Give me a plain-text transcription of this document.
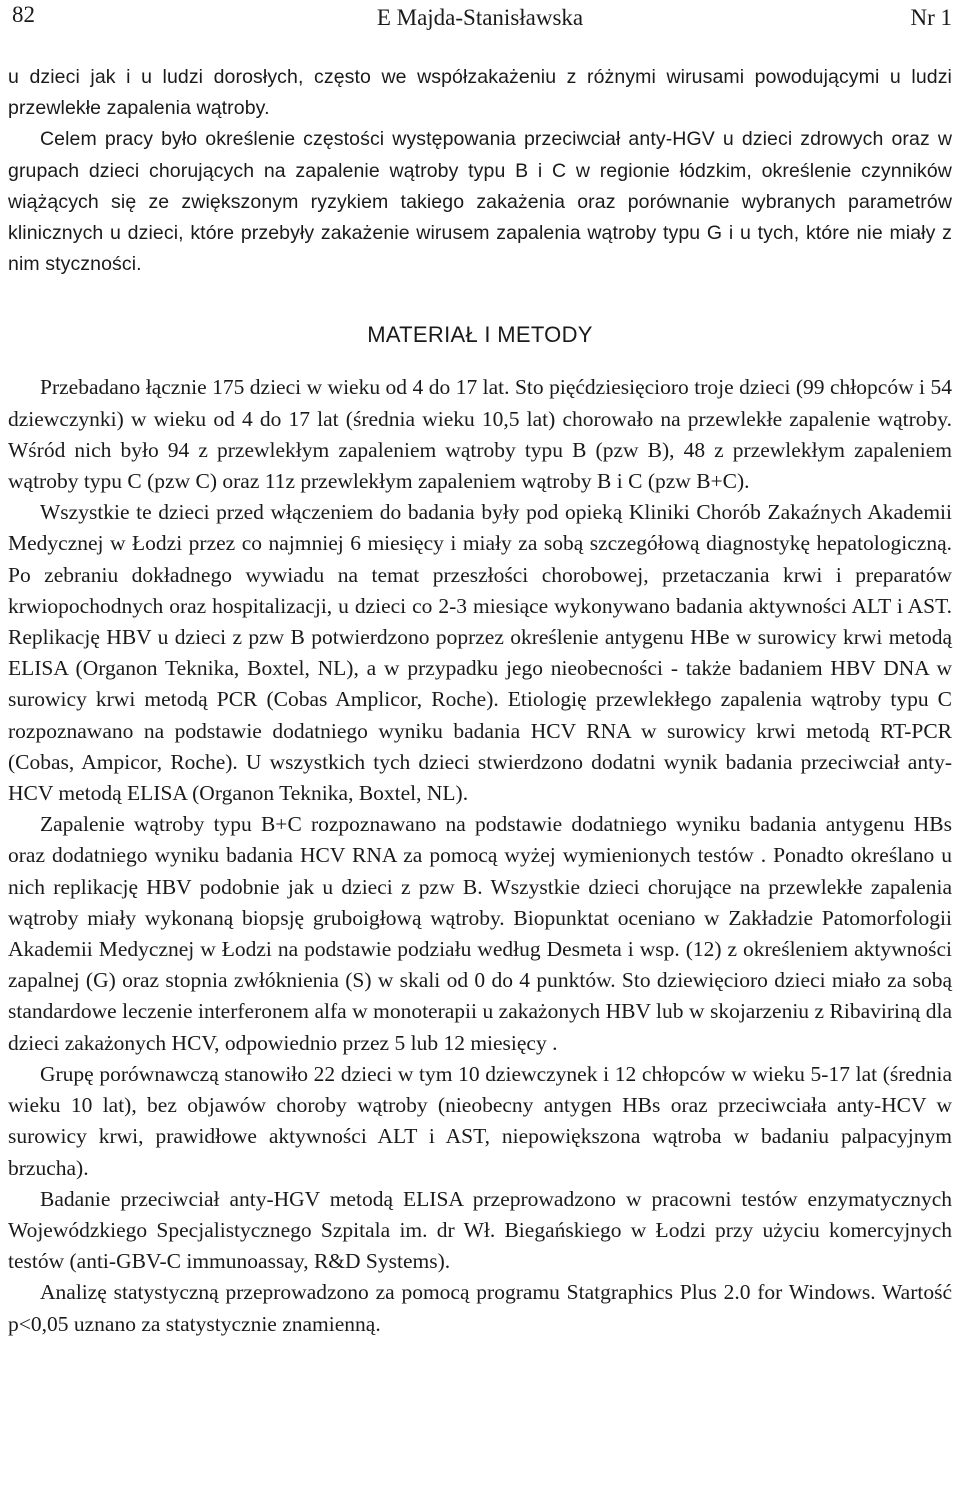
82	E Majda-Stanisławska	Nr 1

u dzieci jak i u ludzi dorosłych, często we współzakażeniu z różnymi wirusami powodującymi u ludzi przewlekłe zapalenia wątroby.

Celem pracy było określenie częstości występowania przeciwciał anty-HGV u dzieci zdrowych oraz w grupach dzieci chorujących na zapalenie wątroby typu B i C w regionie łódzkim, określenie czynników wiążących się ze zwiększonym ryzykiem takiego zakażenia oraz porównanie wybranych parametrów klinicznych u dzieci, które przebyły zakażenie wirusem zapalenia wątroby typu G i u tych, które nie miały z nim styczności.

MATERIAŁ I METODY

Przebadano łącznie 175 dzieci w wieku od 4 do 17 lat. Sto pięćdziesięcioro troje dzieci (99 chłopców i 54 dziewczynki) w wieku od 4 do 17 lat (średnia wieku 10,5 lat) chorowało na przewlekłe zapalenie wątroby. Wśród nich było 94 z przewlekłym zapaleniem wątroby typu B (pzw B), 48 z przewlekłym zapaleniem wątroby typu C (pzw C) oraz 11z przewlekłym zapaleniem wątroby B i C (pzw B+C).

Wszystkie te dzieci przed włączeniem do badania były pod opieką Kliniki Chorób Zakaźnych Akademii Medycznej w Łodzi przez co najmniej 6 miesięcy i miały za sobą szczegółową diagnostykę hepatologiczną. Po zebraniu dokładnego wywiadu na temat przeszłości chorobowej, przetaczania krwi i preparatów krwiopochodnych oraz hospitalizacji, u dzieci co 2-3 miesiące wykonywano badania aktywności ALT i AST. Replikację HBV u dzieci z pzw B potwierdzono poprzez określenie antygenu HBe w surowicy krwi metodą ELISA (Organon Teknika, Boxtel, NL), a w przypadku jego nieobecności - także badaniem HBV DNA w surowicy krwi metodą PCR (Cobas Amplicor, Roche). Etiologię przewlekłego zapalenia wątroby typu C rozpoznawano na podstawie dodatniego wyniku badania HCV RNA w surowicy krwi metodą RT-PCR (Cobas, Ampicor, Roche). U wszystkich tych dzieci stwierdzono dodatni wynik badania przeciwciał anty-HCV metodą ELISA (Organon Teknika, Boxtel, NL).

Zapalenie wątroby typu B+C rozpoznawano na podstawie dodatniego wyniku badania antygenu HBs oraz dodatniego wyniku badania HCV RNA za pomocą wyżej wymienionych testów . Ponadto określano u nich replikację HBV podobnie jak u dzieci z pzw B. Wszystkie dzieci chorujące na przewlekłe zapalenia wątroby miały wykonaną biopsję gruboigłową wątroby. Biopunktat oceniano w Zakładzie Patomorfologii Akademii Medycznej w Łodzi na podstawie podziału według Desmeta i wsp. (12) z określeniem aktywności zapalnej (G) oraz stopnia zwłóknienia (S) w skali od 0 do 4 punktów. Sto dziewięcioro dzieci miało za sobą standardowe leczenie interferonem alfa w monoterapii u zakażonych HBV lub w skojarzeniu z Ribaviriną dla dzieci zakażonych HCV, odpowiednio przez 5 lub 12 miesięcy .

Grupę porównawczą stanowiło 22 dzieci w tym 10 dziewczynek i 12 chłopców w wieku 5-17 lat (średnia wieku 10 lat), bez objawów choroby wątroby (nieobecny antygen HBs oraz przeciwciała anty-HCV w surowicy krwi, prawidłowe aktywności ALT i AST, niepowiększona wątroba w badaniu palpacyjnym brzucha).

Badanie przeciwciał anty-HGV metodą ELISA przeprowadzono w pracowni testów enzymatycznych Wojewódzkiego Specjalistycznego Szpitala im. dr Wł. Biegańskiego w Łodzi przy użyciu komercyjnych testów (anti-GBV-C immunoassay, R&D Systems).

Analizę statystyczną przeprowadzono za pomocą programu Statgraphics Plus 2.0 for Windows. Wartość p<0,05 uznano za statystycznie znamienną.
